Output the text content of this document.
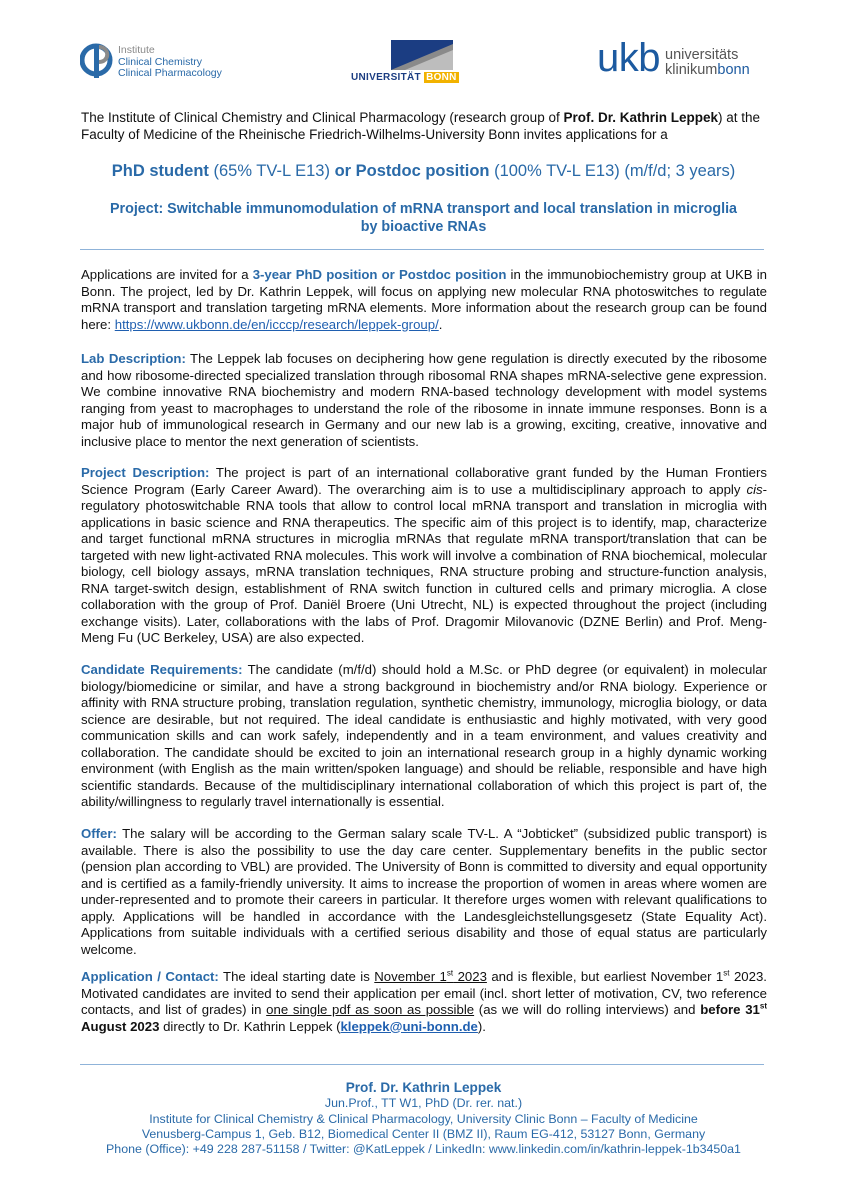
Institute
Clinical Chemistry
Clinical Pharmacology	UNIVERSITÄT BONN	ukb universitäts
klinikumbonn

The Institute of Clinical Chemistry and Clinical Pharmacology (research group of Prof. Dr. Kathrin Leppek) at the Faculty of Medicine of the Rheinische Friedrich-Wilhelms-University Bonn invites applications for a

PhD student (65% TV-L E13) or Postdoc position (100% TV-L E13) (m/f/d; 3 years)
Project: Switchable immunomodulation of mRNA transport and local translation in microglia by bioactive RNAs

Applications are invited for a 3-year PhD position or Postdoc position in the immunobiochemistry group at UKB in Bonn. The project, led by Dr. Kathrin Leppek, will focus on applying new molecular RNA photoswitches to regulate mRNA transport and translation targeting mRNA elements. More information about the research group can be found here: https://www.ukbonn.de/en/icccp/research/leppek-group/.

Lab Description: The Leppek lab focuses on deciphering how gene regulation is directly executed by the ribosome and how ribosome-directed specialized translation through ribosomal RNA shapes mRNA-selective gene expression. We combine innovative RNA biochemistry and modern RNA-based technology development with model systems ranging from yeast to macrophages to understand the role of the ribosome in innate immune responses. Bonn is a major hub of immunological research in Germany and our new lab is a growing, exciting, creative, innovative and inclusive place to mentor the next generation of scientists.

Project Description: The project is part of an international collaborative grant funded by the Human Frontiers Science Program (Early Career Award). The overarching aim is to use a multidisciplinary approach to apply cis-regulatory photoswitchable RNA tools that allow to control local mRNA transport and translation in microglia with applications in basic science and RNA therapeutics. The specific aim of this project is to identify, map, characterize and target functional mRNA structures in microglia mRNAs that regulate mRNA transport/translation that can be targeted with new light-activated RNA molecules. This work will involve a combination of RNA biochemical, molecular biology, cell biology assays, mRNA translation techniques, RNA structure probing and structure-function analysis, RNA target-switch design, establishment of RNA switch function in cultured cells and primary microglia. A close collaboration with the group of Prof. Daniël Broere (Uni Utrecht, NL) is expected throughout the project (including exchange visits). Later, collaborations with the labs of Prof. Dragomir Milovanovic (DZNE Berlin) and Prof. Meng-Meng Fu (UC Berkeley, USA) are also expected.

Candidate Requirements: The candidate (m/f/d) should hold a M.Sc. or PhD degree (or equivalent) in molecular biology/biomedicine or similar, and have a strong background in biochemistry and/or RNA biology. Experience or affinity with RNA structure probing, translation regulation, synthetic chemistry, immunology, microglia biology, or data science are desirable, but not required. The ideal candidate is enthusiastic and highly motivated, with very good communication skills and can work safely, independently and in a team environment, and values creativity and collaboration. The candidate should be excited to join an international research group in a highly dynamic working environment (with English as the main written/spoken language) and should be reliable, responsible and have high scientific standards. Because of the multidisciplinary international collaboration of which this project is part of, the ability/willingness to regularly travel internationally is essential.

Offer: The salary will be according to the German salary scale TV-L. A “Jobticket” (subsidized public transport) is available. There is also the possibility to use the day care center. Supplementary benefits in the public sector (pension plan according to VBL) are provided. The University of Bonn is committed to diversity and equal opportunity and is certified as a family-friendly university. It aims to increase the proportion of women in areas where women are under-represented and to promote their careers in particular. It therefore urges women with relevant qualifications to apply. Applications will be handled in accordance with the Landesgleichstellungsgesetz (State Equality Act). Applications from suitable individuals with a certified serious disability and those of equal status are particularly welcome.

Application / Contact: The ideal starting date is November 1st 2023 and is flexible, but earliest November 1st 2023. Motivated candidates are invited to send their application per email (incl. short letter of motivation, CV, two reference contacts, and list of grades) in one single pdf as soon as possible (as we will do rolling interviews) and before 31st August 2023 directly to Dr. Kathrin Leppek (kleppek@uni-bonn.de).

Prof. Dr. Kathrin Leppek
Jun.Prof., TT W1, PhD (Dr. rer. nat.)
Institute for Clinical Chemistry & Clinical Pharmacology, University Clinic Bonn – Faculty of Medicine
Venusberg-Campus 1, Geb. B12, Biomedical Center II (BMZ II), Raum EG-412, 53127 Bonn, Germany
Phone (Office): +49 228 287-51158 / Twitter: @KatLeppek / LinkedIn: www.linkedin.com/in/kathrin-leppek-1b3450a1
